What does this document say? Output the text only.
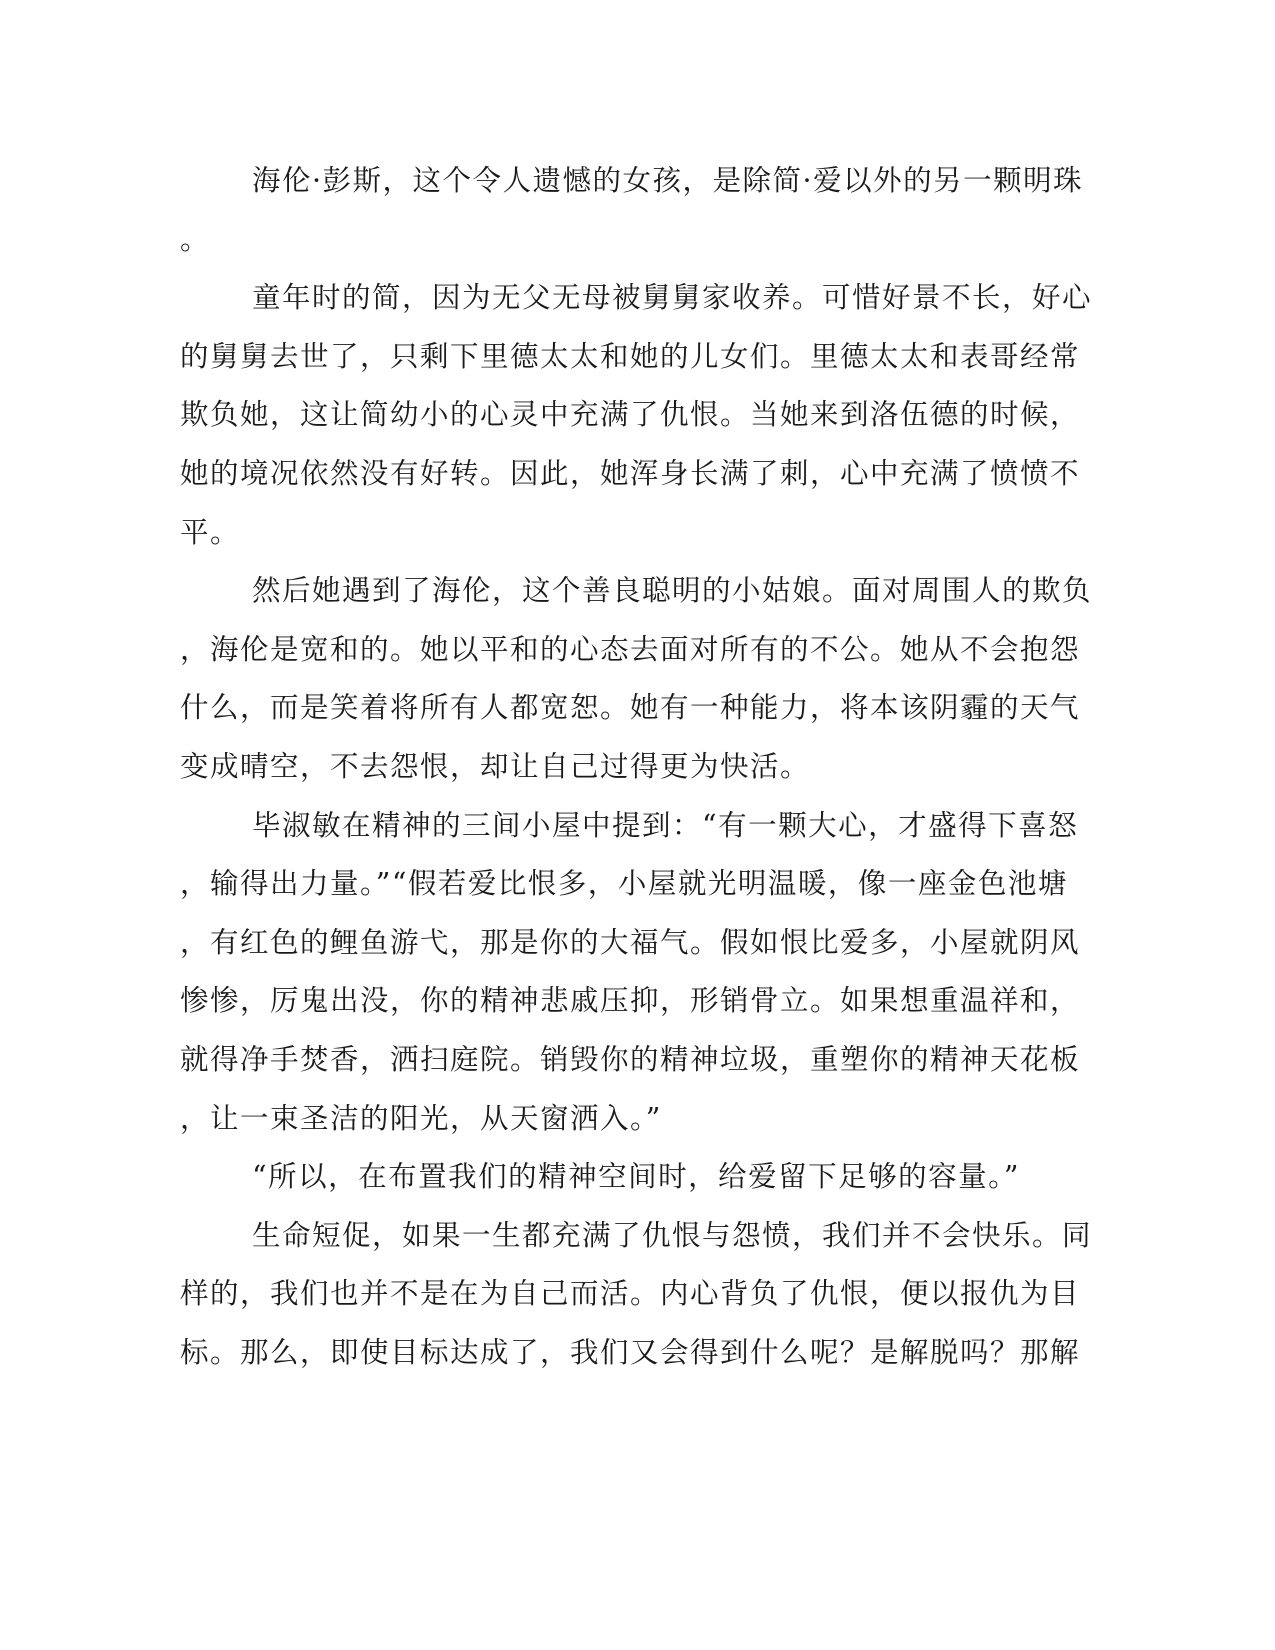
海伦·彭斯，这个令人遗憾的女孩，是除简·爱以外的另一颗明珠
。
童年时的简，因为无父无母被舅舅家收养。可惜好景不长，好心
的舅舅去世了，只剩下里德太太和她的儿女们。里德太太和表哥经常
欺负她，这让简幼小的心灵中充满了仇恨。当她来到洛伍德的时候，
她的境况依然没有好转。因此，她浑身长满了刺，心中充满了愤愤不
平。
然后她遇到了海伦，这个善良聪明的小姑娘。面对周围人的欺负
，海伦是宽和的。她以平和的心态去面对所有的不公。她从不会抱怨
什么，而是笑着将所有人都宽恕。她有一种能力，将本该阴霾的天气
变成晴空，不去怨恨，却让自己过得更为快活。
毕淑敏在精神的三间小屋中提到：“有一颗大心，才盛得下喜怒
，输得出力量。”“假若爱比恨多，小屋就光明温暖，像一座金色池塘
，有红色的鲤鱼游弋，那是你的大福气。假如恨比爱多，小屋就阴风
惨惨，厉鬼出没，你的精神悲戚压抑，形销骨立。如果想重温祥和，
就得净手焚香，洒扫庭院。销毁你的精神垃圾，重塑你的精神天花板
，让一束圣洁的阳光，从天窗洒入。”
“所以，在布置我们的精神空间时，给爱留下足够的容量。”
生命短促，如果一生都充满了仇恨与怨愤，我们并不会快乐。同
样的，我们也并不是在为自己而活。内心背负了仇恨，便以报仇为目
标。那么，即使目标达成了，我们又会得到什么呢？是解脱吗？那解
